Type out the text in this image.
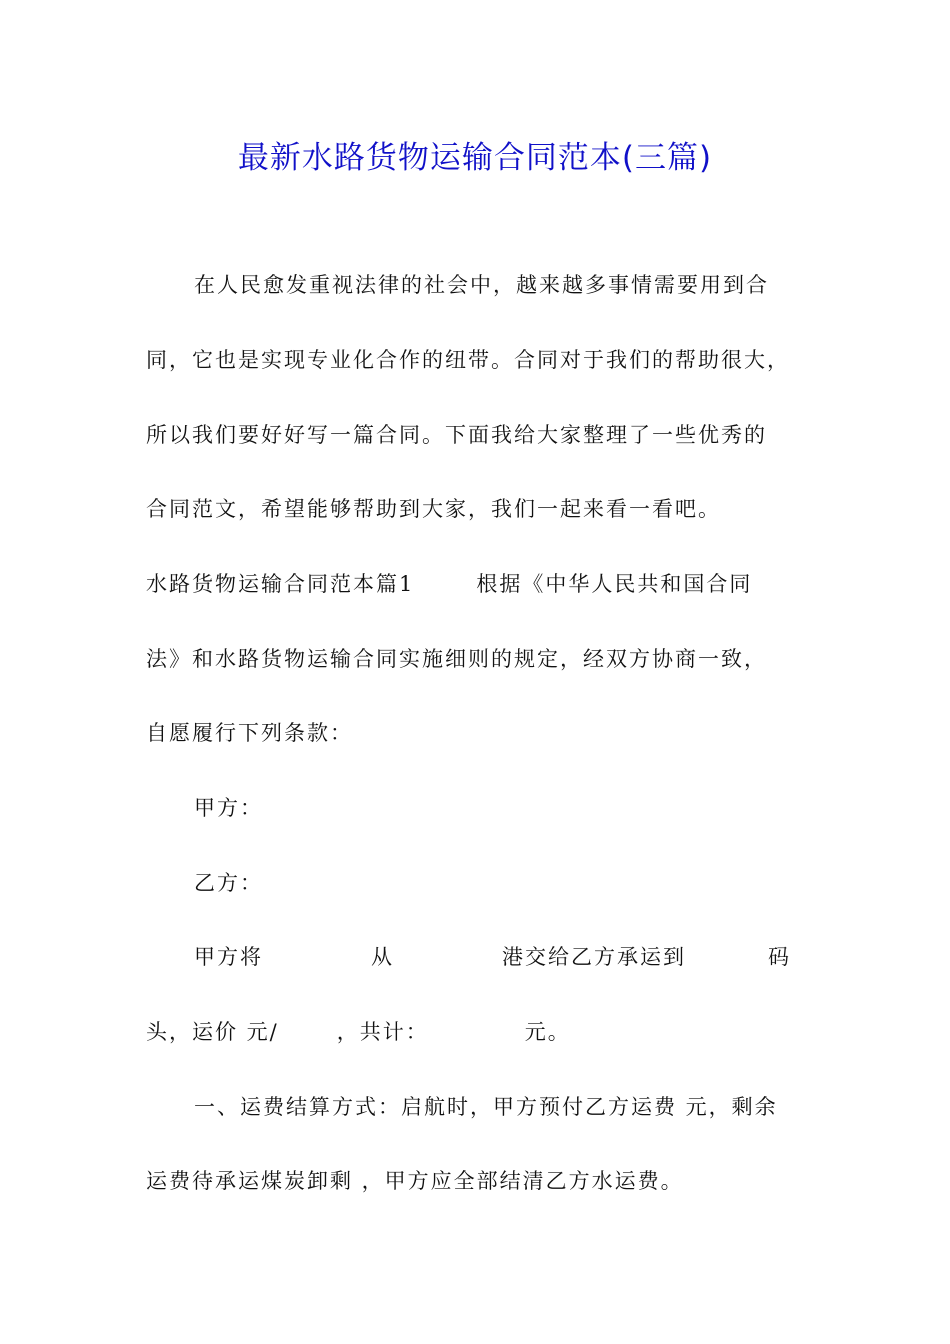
最新水路货物运输合同范本(三篇)
在人民愈发重视法律的社会中，越来越多事情需要用到合
同，它也是实现专业化合作的纽带。合同对于我们的帮助很大，
所以我们要好好写一篇合同。下面我给大家整理了一些优秀的
合同范文，希望能够帮助到大家，我们一起来看一看吧。
水路货物运输合同范本篇1	根据《中华人民共和国合同
法》和水路货物运输合同实施细则的规定，经双方协商一致，
自愿履行下列条款：
甲方：
乙方：
甲方将	从	港交给乙方承运到	码
头，运价 元/	，共计：	元。
一、运费结算方式：启航时，甲方预付乙方运费 元，剩余
运费待承运煤炭卸剩 ，甲方应全部结清乙方水运费。
